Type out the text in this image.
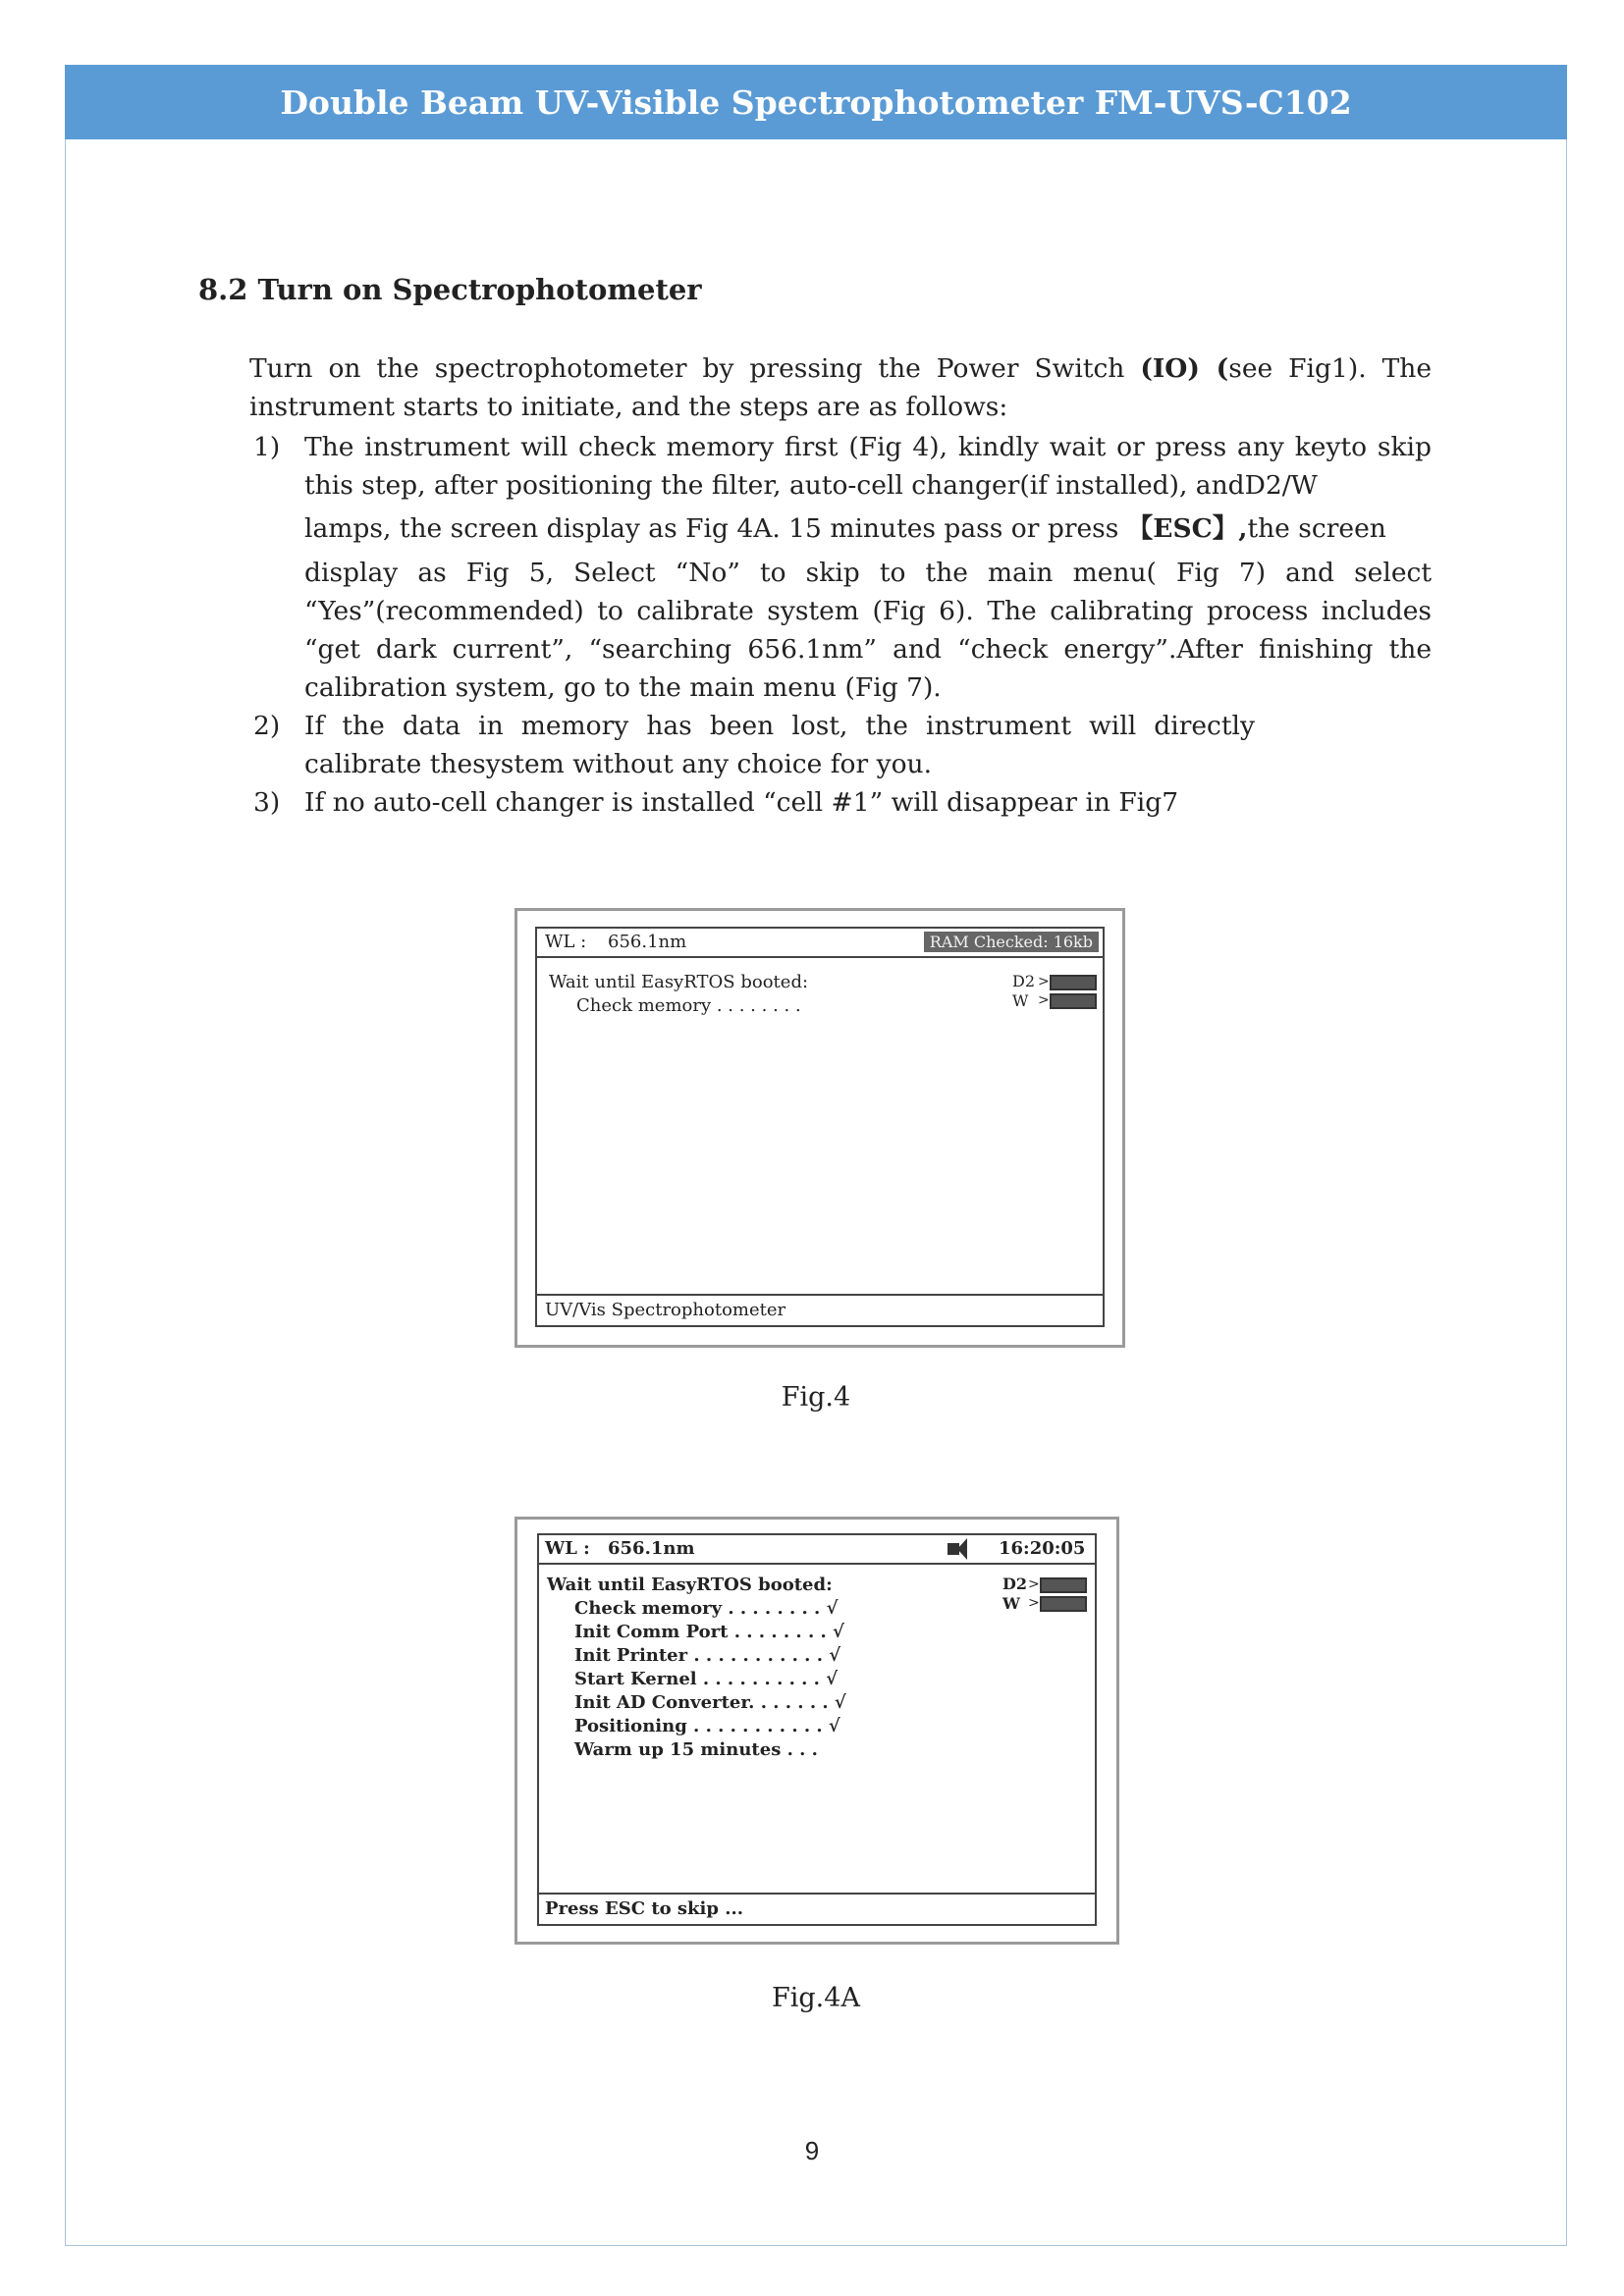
Double Beam UV-Visible Spectrophotometer FM-UVS-C102
8.2 Turn on Spectrophotometer
Turn on the spectrophotometer by pressing the Power Switch (IO) (see Fig1). The instrument starts to initiate, and the steps are as follows:
1) The instrument will check memory first (Fig 4), kindly wait or press any keyto skip this step, after positioning the filter, auto-cell changer(if installed), andD2/W
lamps, the screen display as Fig 4A. 15 minutes pass or press 【ESC】,the screen
display as Fig 5, Select “No” to skip to the main menu( Fig 7) and select “Yes”(recommended) to calibrate system (Fig 6). The calibrating process includes “get dark current”, “searching 656.1nm” and “check energy”.After finishing the calibration system, go to the main menu (Fig 7).
2) If the data in memory has been lost, the instrument will directly calibrate thesystem without any choice for you.
3) If no auto-cell changer is installed “cell #1” will disappear in Fig7
WL : 656.1nm	RAM Checked: 16kb
Wait until EasyRTOS booted:
Check memory . . . . . . . .
D2 >
W >
UV/Vis Spectrophotometer
Fig.4
WL : 656.1nm	16:20:05
Wait until EasyRTOS booted:
Check memory . . . . . . . . √
Init Comm Port . . . . . . . . √
Init Printer . . . . . . . . . . . √
Start Kernel . . . . . . . . . . √
Init AD Converter. . . . . . . √
Positioning . . . . . . . . . . . √
Warm up 15 minutes . . .
D2 >
W >
Press ESC to skip ...
Fig.4A
9
